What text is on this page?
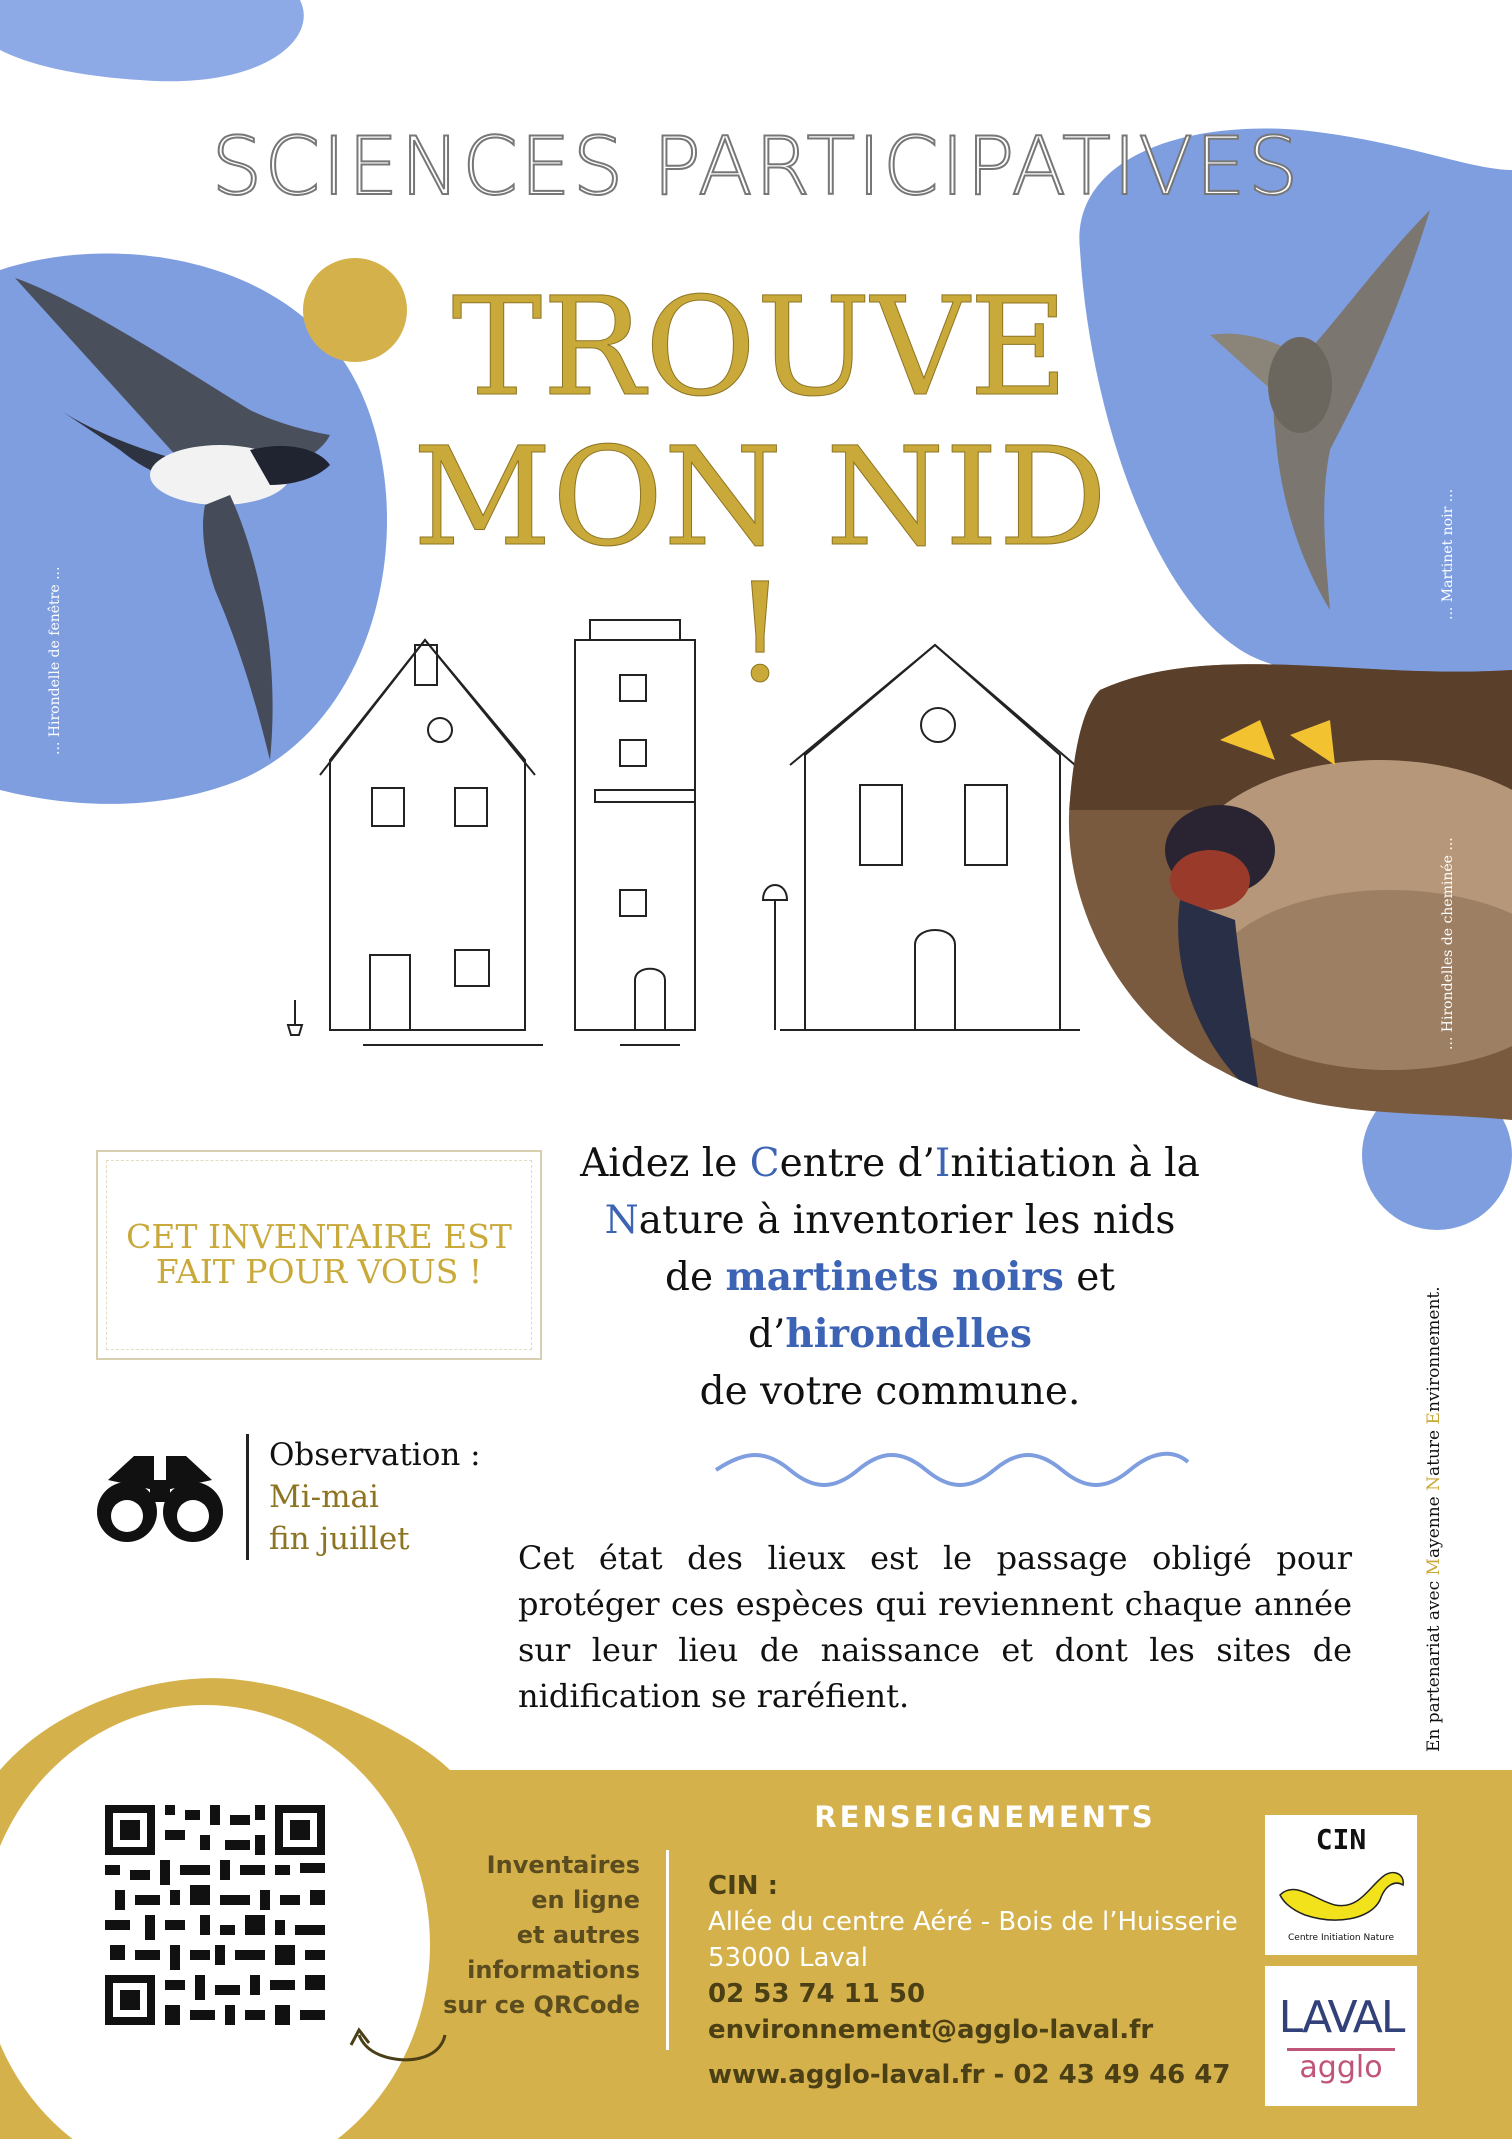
SCIENCES PARTICIPATIVES
TROUVE
MON NID !
... Hirondelle de fenêtre ...
... Martinet noir ...
... Hirondelles de cheminée ...
CET INVENTAIRE EST FAIT POUR VOUS !
Aidez le Centre d’Initiation à la
Nature à inventorier les nids
de martinets noirs et
d’hirondelles
de votre commune.
Observation :
Mi-mai
fin juillet	Cet état des lieux est le passage obligé pour protéger ces espèces qui reviennent chaque année sur leur lieu de naissance et dont les sites de nidification se raréfient.	En partenariat avec Mayenne Nature Environnement.
Inventaires
en ligne
et autres
informations
sur ce QRCode
RENSEIGNEMENTS
CIN :
Allée du centre Aéré - Bois de l’Huisserie
53000 Laval
02 53 74 11 50
environnement@agglo-laval.fr
www.agglo-laval.fr - 02 43 49 46 47
CIN
Centre Initiation Nature
LAVAL
agglo
